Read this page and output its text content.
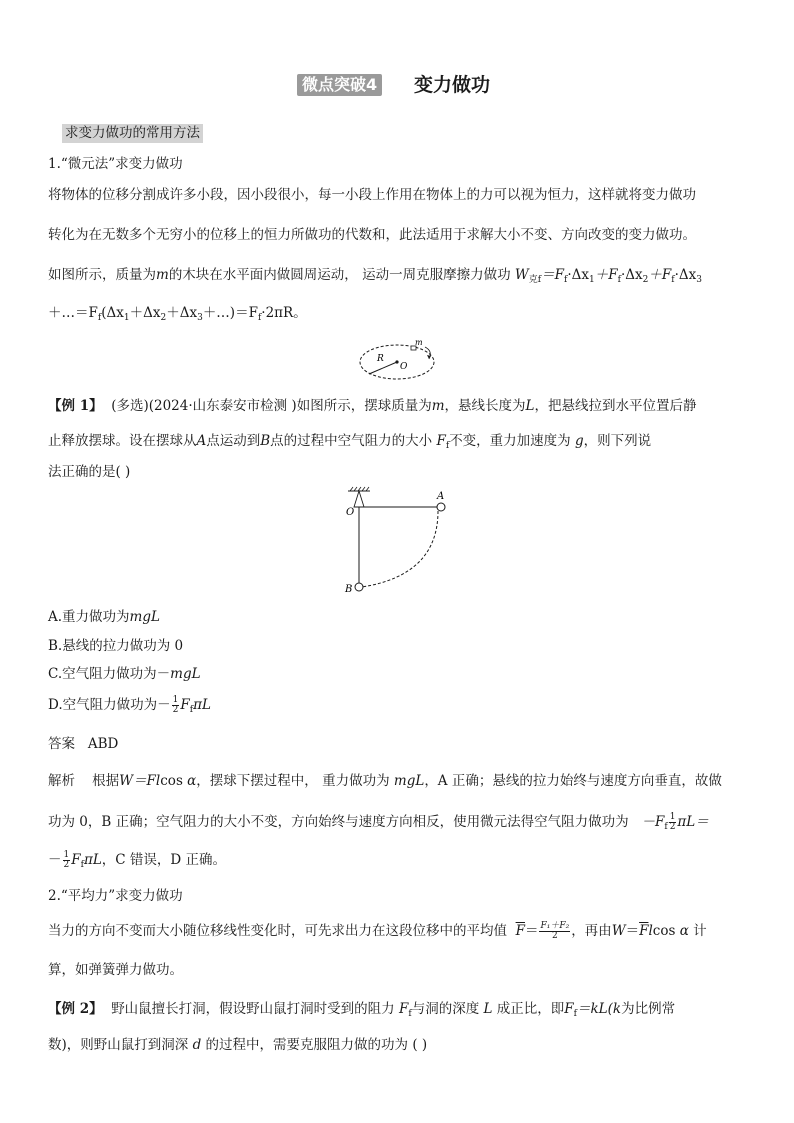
微点突破4 变力做功
求变力做功的常用方法
1.“微元法”求变力做功
将物体的位移分割成许多小段，因小段很小，每一小段上作用在物体上的力可以视为恒力，这样就将变力做功
转化为在无数多个无穷小的位移上的恒力所做功的代数和，此法适用于求解大小不变、方向改变的变力做功。
如图所示，质量为m的木块在水平面内做圆周运动， 运动一周克服摩擦力做功 $W_{克f}=F_f\cdot\Delta x_1+F_f\cdot\Delta x_2+F_f\cdot\Delta x_3$
$+\dots=F_f(\Delta x_1+\Delta x_2+\Delta x_3+\dots)=F_f\cdot 2\pi R$。
R
O
m
【例 1】 (多选)(2024·山东泰安市检测 )如图所示，摆球质量为m，悬线长度为L，把悬线拉到水平位置后静
止释放摆球。设在摆球从A点运动到B点的过程中空气阻力的大小 $F_f$不变，重力加速度为 g，则下列说
法正确的是( )
O
A
B
A.重力做功为mgL
B.悬线的拉力做功为 0
C.空气阻力做功为－mgL
D.空气阻力做功为－ $\frac{1}{2} F_f\pi L$
答案 ABD
解析 根据W＝Flcos α，摆球下摆过程中， 重力做功为 mgL，A 正确；悬线的拉力始终与速度方向垂直，故做
功为 0，B 正确；空气阻力的大小不变，方向始终与速度方向相反，使用微元法得空气阻力做功为 $-F_f \frac{1}{2} \pi L=$
－ $\frac{1}{2} F_f\pi L$，C 错误，D 正确。
2.“平均力”求变力做功
当力的方向不变而大小随位移线性变化时，可先求出力在这段位移中的平均值 $\overline{F}= \frac{\text{F₁＋F₂}}{2}$ ，再由$W=\overline{F}lcos$ α 计
算，如弹簧弹力做功。
【例 2】 野山鼠擅长打洞，假设野山鼠打洞时受到的阻力 $F_f$与洞的深度 L 成正比，即$F_f=kL(k$为比例常
数)，则野山鼠打到洞深 d 的过程中，需要克服阻力做的功为 ( )
